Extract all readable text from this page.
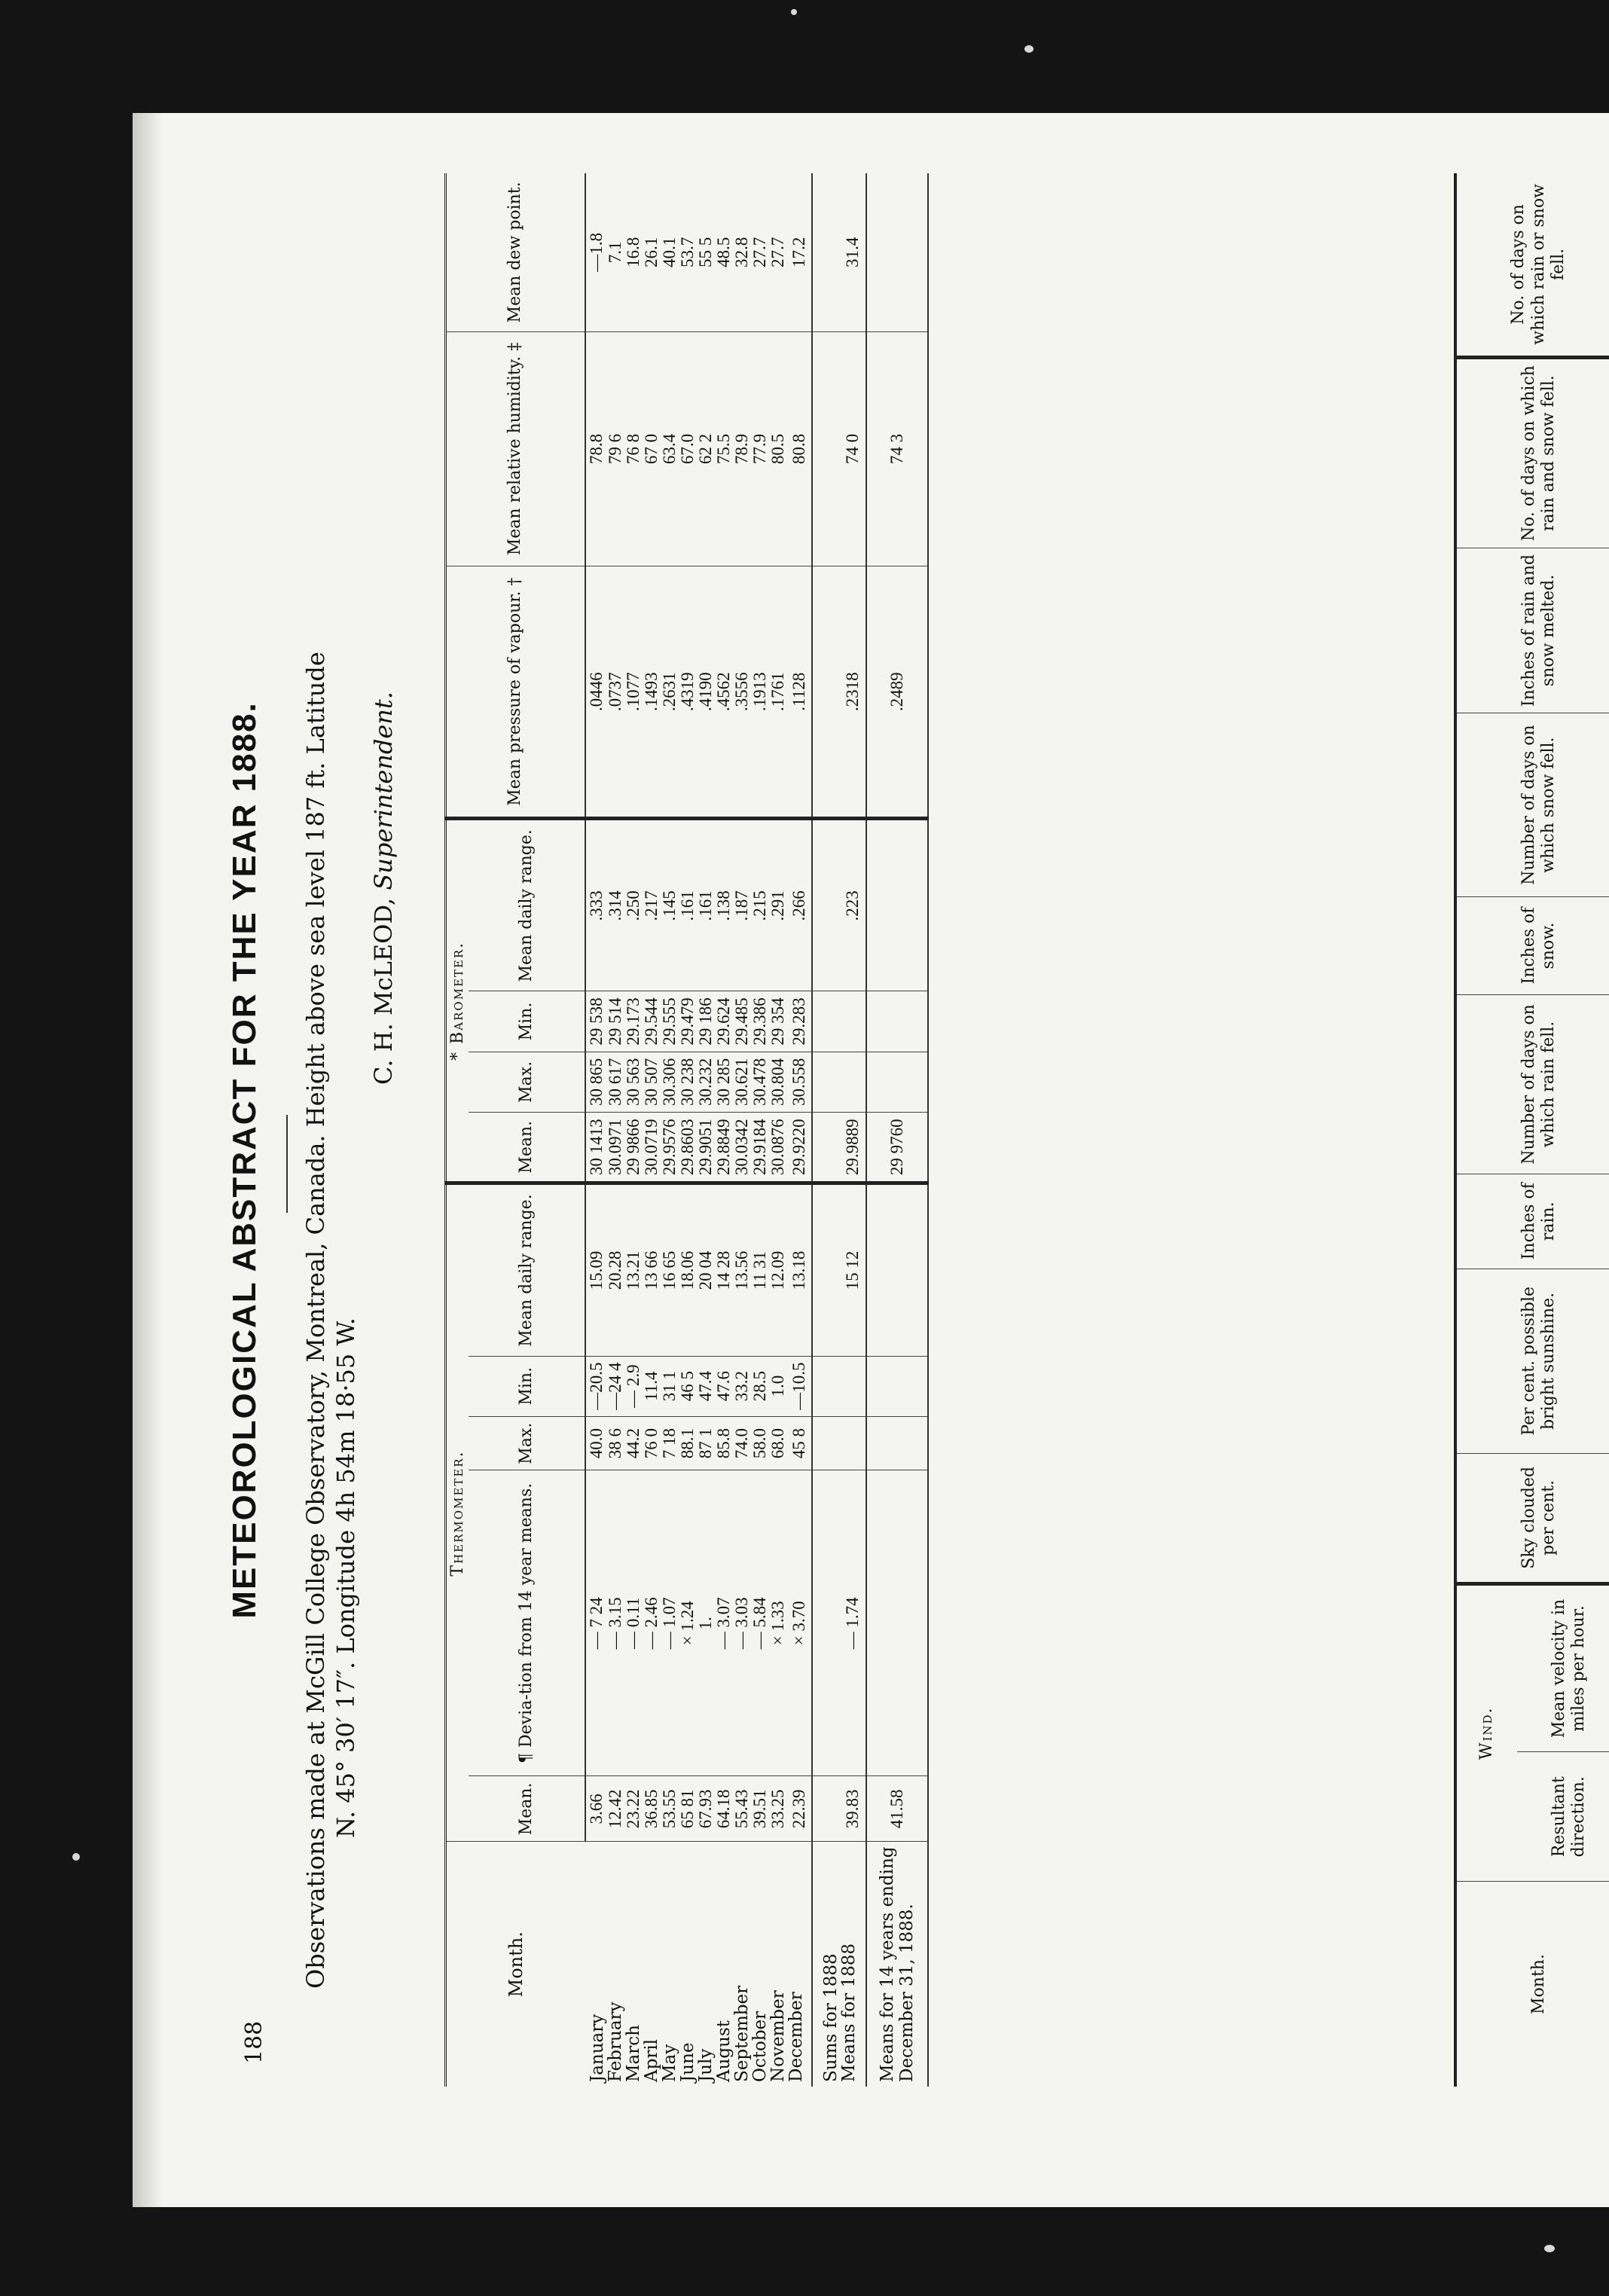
188
METEOROLOGICAL ABSTRACT FOR THE YEAR 1888. Observations made at McGill College Observatory, Montreal, Canada. Height above sea level 187 ft. Latitude N. 45° 30′ 17″. Longitude 4h 54m 18·55 W.
C. H. McLEOD, Superintendent.
Month.	Thermometer.					* Barometer.				Mean pressure of vapour. †	Mean relative humidity. ‡	Mean dew point.
	Mean.	¶ Devia-tion from 14 year means.	Max.	Min.	Mean daily range.	Mean.	Max.	Min.	Mean daily range.			
January	3.66	— 7 24	40.0	—20.5	15.09	30 1413	30 865	29 538	.333	.0446	78.8	—1.8
February	12.42	— 3.15	38 6	—24 4	20.28	30.0971	30 617	29 514	.314	.0737	79 6	7.1
March	23.22	— 0.11	44.2	— 2.9	13.21	29 9866	30 563	29.173	.250	.1077	76 8	16.8
April	36.85	— 2.46	76 0	11.4	13 66	30.0719	30 507	29.544	.217	.1493	67 0	26.1
May	53.55	— 1.07	7 18	31 1	16 65	29.9576	30.306	29.555	.145	.2631	63.4	40.1
June	65 81	× 1.24	88.1	46 5	18.06	29.8603	30 238	29.479	.161	.4319	67.0	53.7
July	67.93	1.	87 1	47.4	20 04	29.9051	30.232	29 186	.161	.4190	62 2	55 5
August	64.18	— 3.07	85.8	47.6	14 28	29.8849	30 285	29.624	.138	.4562	75.5	48.5
September	55.43	— 3.03	74.0	33.2	13.56	30.0342	30.621	29.485	.187	.3556	78.9	32.8
October	39.51	— 5.84	58.0	28.5	11 31	29.9184	30.478	29.386	.215	.1913	77.9	27.7
November	33.25	× 1.33	68.0	1.0	12.09	30.0876	30.804	29 354	.291	.1761	80.5	27.7
December	22.39	× 3.70	45 8	—10.5	13.18	29.9220	30.558	29.283	.266	.1128	80.8	17.2
Sums for 1888												
Means for 1888	39.83	— 1.74			15 12	29.9889			.223	.2318	74 0	31.4
Means for 14 years ending
December 31, 1888.	41.58					29 9760				.2489	74 3	
Month.	Wind.		Sky clouded per cent.	Per cent. possible bright sunshine.	Inches of rain.	Number of days on which rain fell.	Inches of snow.	Number of days on which snow fell.	Inches of rain and snow melted.	No. of days on which rain and snow fell.	No. of days on which rain or snow fell.
	Resultant direction.	Mean velocity in miles per hour.									
